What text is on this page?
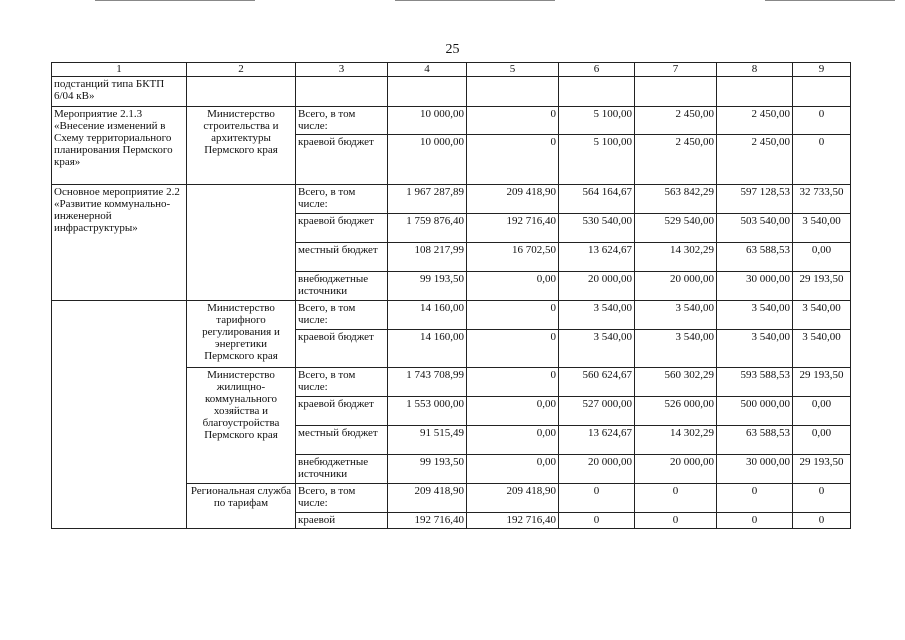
25
1	2	3	4	5	6	7	8	9
подстанций типа БКТП 6/04 кВ»								
Мероприятие 2.1.3 «Внесение изменений в Схему территориального планирования Пермского края»	Министерство строительства и архитектуры Пермского края	Всего, в том числе:	10 000,00	0	5 100,00	2 450,00	2 450,00	0
		краевой бюджет	10 000,00	0	5 100,00	2 450,00	2 450,00	0
Основное мероприятие 2.2 «Развитие коммунально-инженерной инфраструктуры»		Всего, в том числе:	1 967 287,89	209 418,90	564 164,67	563 842,29	597 128,53	32 733,50
		краевой бюджет	1 759 876,40	192 716,40	530 540,00	529 540,00	503 540,00	3 540,00
		местный бюджет	108 217,99	16 702,50	13 624,67	14 302,29	63 588,53	0,00
		внебюджетные источники	99 193,50	0,00	20 000,00	20 000,00	30 000,00	29 193,50
	Министерство тарифного регулирования и энергетики Пермского края	Всего, в том числе:	14 160,00	0	3 540,00	3 540,00	3 540,00	3 540,00
		краевой бюджет	14 160,00	0	3 540,00	3 540,00	3 540,00	3 540,00
	Министерство жилищно-коммунального хозяйства и благоустройства Пермского края	Всего, в том числе:	1 743 708,99	0	560 624,67	560 302,29	593 588,53	29 193,50
		краевой бюджет	1 553 000,00	0,00	527 000,00	526 000,00	500 000,00	0,00
		местный бюджет	91 515,49	0,00	13 624,67	14 302,29	63 588,53	0,00
		внебюджетные источники	99 193,50	0,00	20 000,00	20 000,00	30 000,00	29 193,50
	Региональная служба по тарифам	Всего, в том числе:	209 418,90	209 418,90	0	0	0	0
		краевой	192 716,40	192 716,40	0	0	0	0
